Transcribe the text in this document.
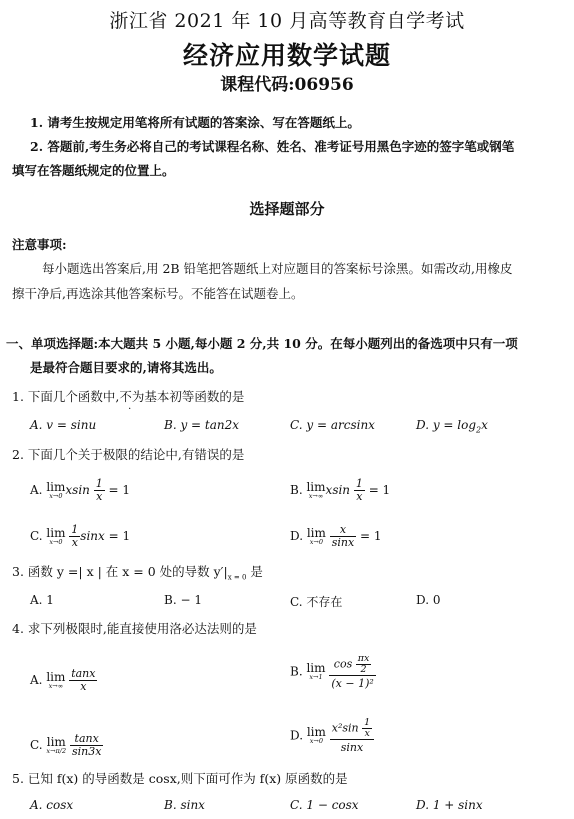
浙江省 2021 年 10 月高等教育自学考试
经济应用数学试题
课程代码:06956
1. 请考生按规定用笔将所有试题的答案涂、写在答题纸上。
2. 答题前,考生务必将自己的考试课程名称、姓名、准考证号用黑色字迹的签字笔或钢笔
填写在答题纸规定的位置上。
选择题部分
注意事项:
每小题选出答案后,用 2B 铅笔把答题纸上对应题目的答案标号涂黑。如需改动,用橡皮
擦干净后,再选涂其他答案标号。不能答在试题卷上。
一、单项选择题:本大题共 5 小题,每小题 2 分,共 10 分。在每小题列出的备选项中只有一项
是最符合题目要求的,请将其选出。
1. 下面几个函数中,不为基本初等函数的是
A. v = sinu	B. y = tan2x	C. y = arcsinx	D. $y = \log_2x$
2. 下面几个关于极限的结论中,有错误的是
A. lim
x→0 xsin $\frac{1}{x} = 1$	B. lim
x→∞ xsin $\frac{1}{x} = 1$
C. lim
x→0
$\frac{1}{x}$ sinx = 1	D. lim
x→0
$\frac{x}{\sin x} = 1$
3. 函数 y =| x | 在 x = 0 处的导数 $y'|_{x = 0}$ 是
A. 1	B. − 1	C. 不存在	D. 0
4. 求下列极限时,能直接使用洛必达法则的是
A. lim
x→∞
$\frac{\tan x}{x}$	B. lim
x→1
$\frac{\cos \frac{\pi x}{2}}{\text{(x − 1)²}}$
C. lim
x→π/2
$\frac{\tan x}{\sin 3x}$	D. lim
x→0
$\frac{x^2\sin \frac{1}{x}}{\sin x}$
5. 已知 f(x) 的导函数是 cosx,则下面可作为 f(x) 原函数的是
A. cosx	B. sinx	C. 1 − cosx	D. 1 + sinx
